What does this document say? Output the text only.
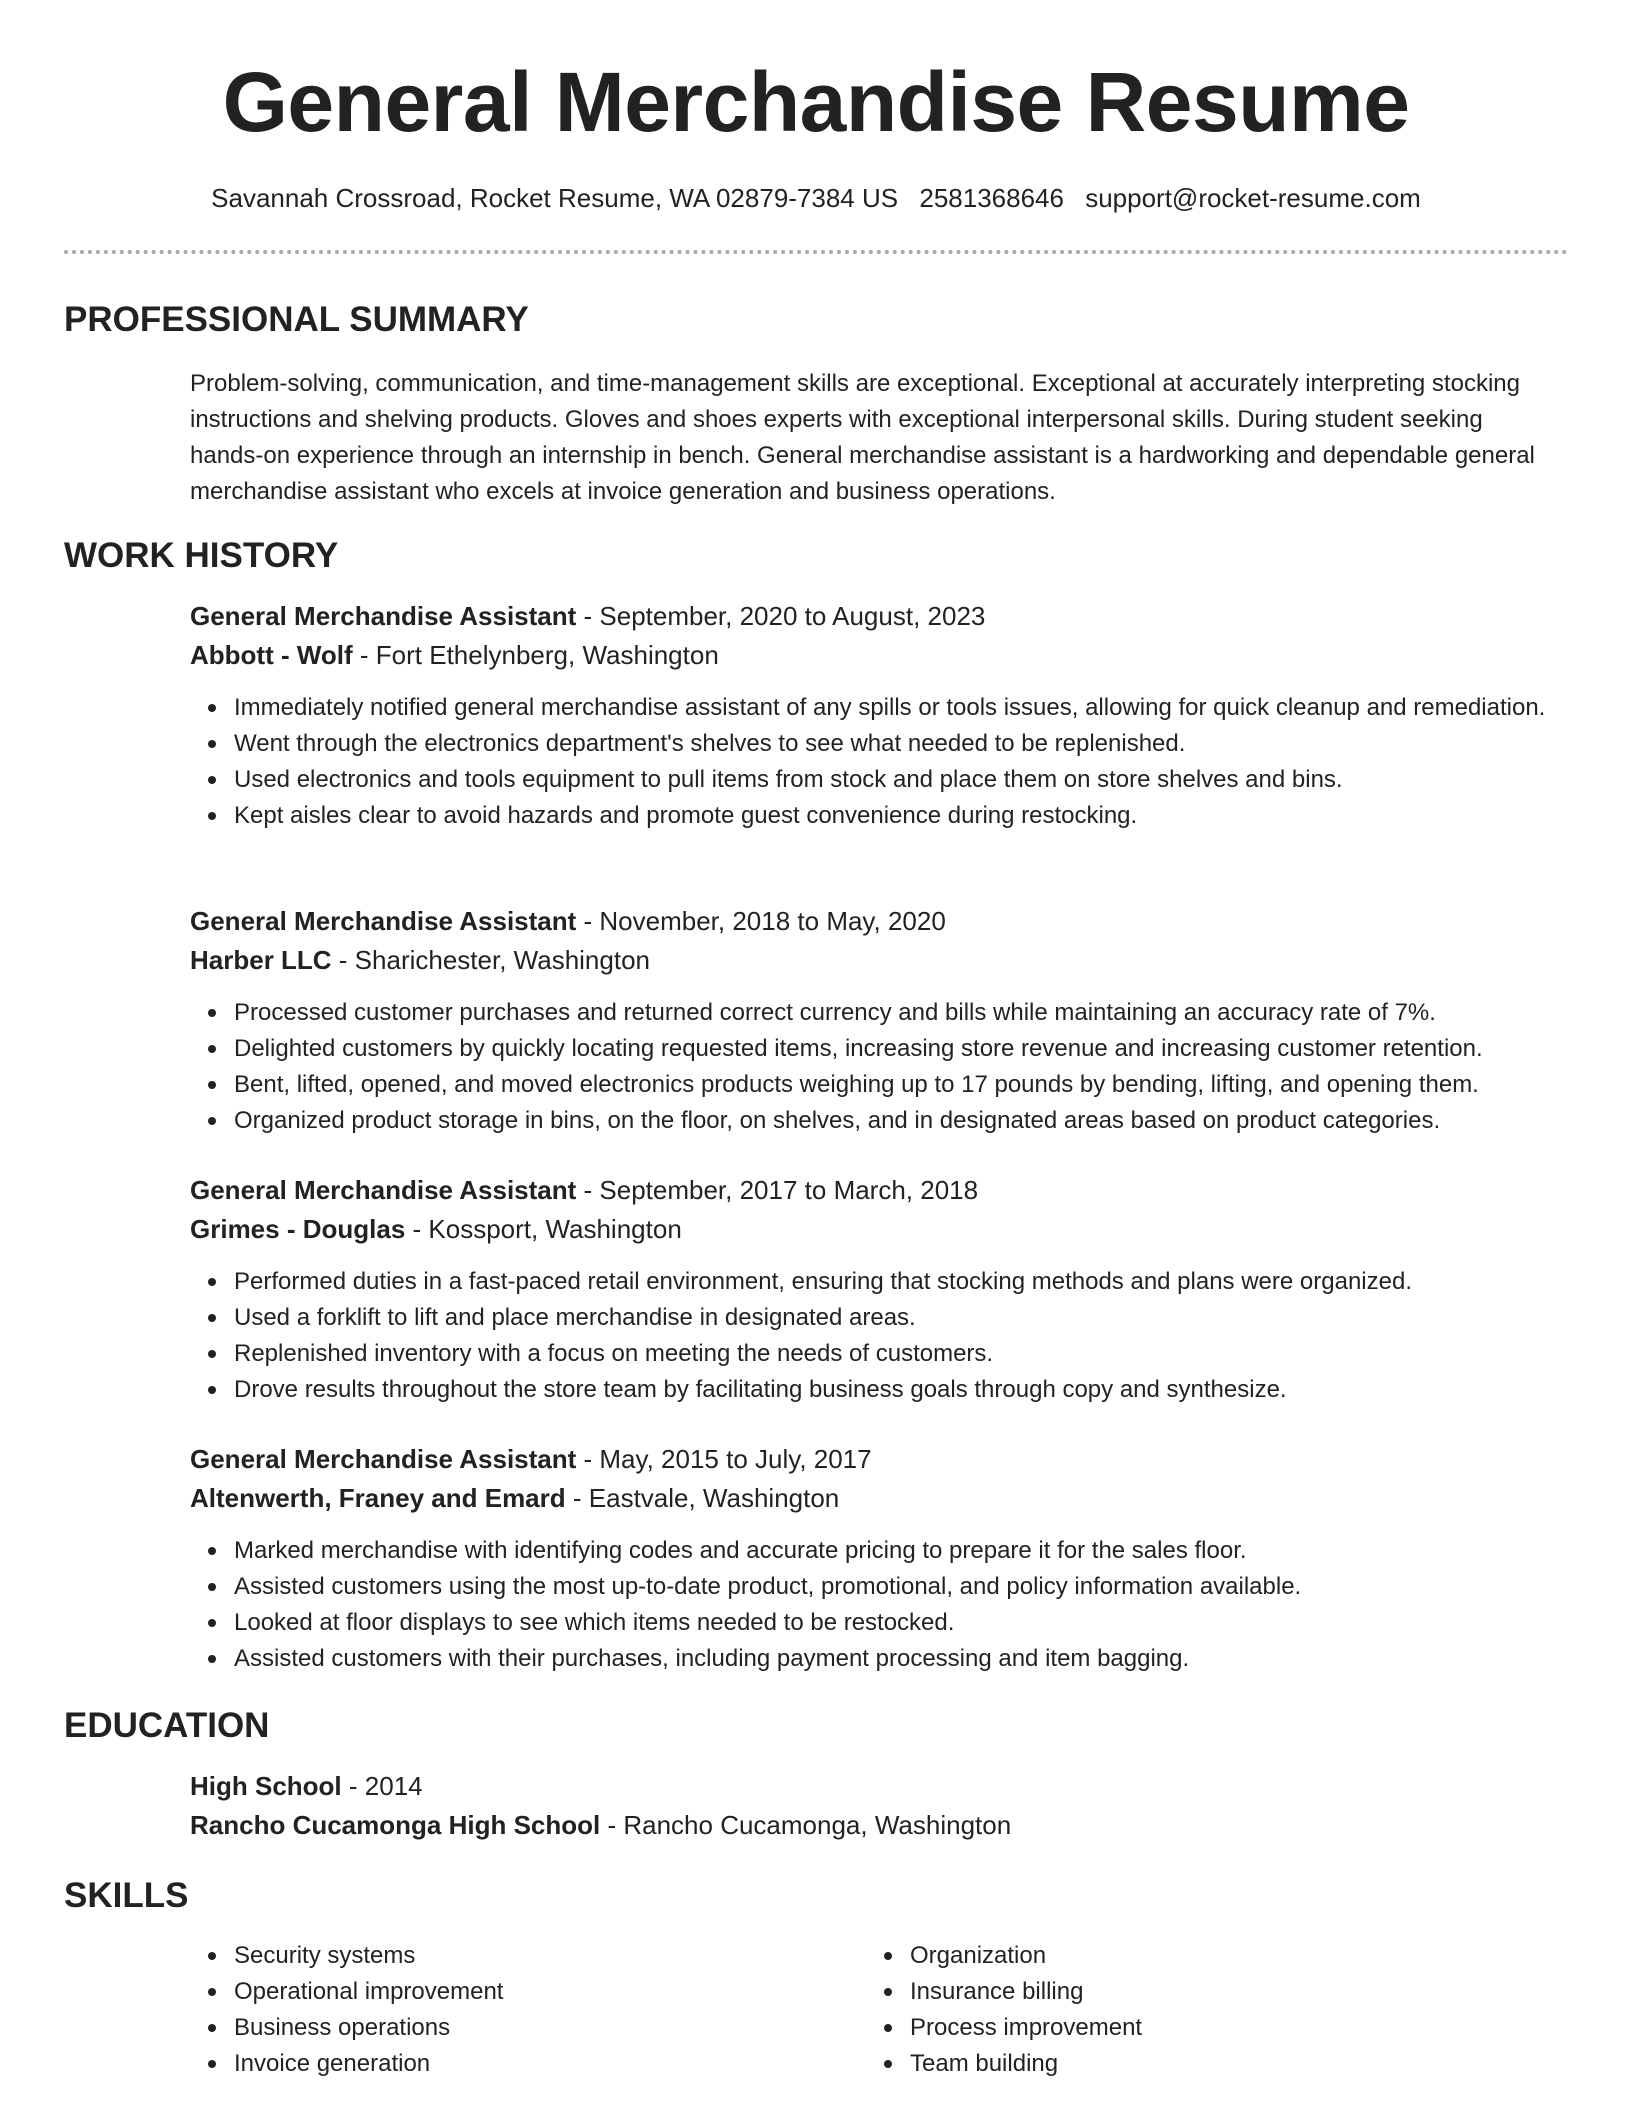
General Merchandise Resume
Savannah Crossroad, Rocket Resume, WA 02879-7384 US 2581368646 support@rocket-resume.com
PROFESSIONAL SUMMARY

Problem-solving, communication, and time-management skills are exceptional. Exceptional at accurately interpreting stocking instructions and shelving products. Gloves and shoes experts with exceptional interpersonal skills. During student seeking hands-on experience through an internship in bench. General merchandise assistant is a hardworking and dependable general merchandise assistant who excels at invoice generation and business operations.

WORK HISTORY

General Merchandise Assistant - September, 2020 to August, 2023

Abbott - Wolf - Fort Ethelynberg, Washington

Immediately notified general merchandise assistant of any spills or tools issues, allowing for quick cleanup and remediation.
Went through the electronics department's shelves to see what needed to be replenished.
Used electronics and tools equipment to pull items from stock and place them on store shelves and bins.
Kept aisles clear to avoid hazards and promote guest convenience during restocking.

General Merchandise Assistant - November, 2018 to May, 2020

Harber LLC - Sharichester, Washington

Processed customer purchases and returned correct currency and bills while maintaining an accuracy rate of 7%.
Delighted customers by quickly locating requested items, increasing store revenue and increasing customer retention.
Bent, lifted, opened, and moved electronics products weighing up to 17 pounds by bending, lifting, and opening them.
Organized product storage in bins, on the floor, on shelves, and in designated areas based on product categories.

General Merchandise Assistant - September, 2017 to March, 2018

Grimes - Douglas - Kossport, Washington

Performed duties in a fast-paced retail environment, ensuring that stocking methods and plans were organized.
Used a forklift to lift and place merchandise in designated areas.
Replenished inventory with a focus on meeting the needs of customers.
Drove results throughout the store team by facilitating business goals through copy and synthesize.

General Merchandise Assistant - May, 2015 to July, 2017

Altenwerth, Franey and Emard - Eastvale, Washington

Marked merchandise with identifying codes and accurate pricing to prepare it for the sales floor.
Assisted customers using the most up-to-date product, promotional, and policy information available.
Looked at floor displays to see which items needed to be restocked.
Assisted customers with their purchases, including payment processing and item bagging.
EDUCATION

High School - 2014

Rancho Cucamonga High School - Rancho Cucamonga, Washington

SKILLS
Security systems
Operational improvement
Business operations
Invoice generation
Organization
Insurance billing
Process improvement
Team building
